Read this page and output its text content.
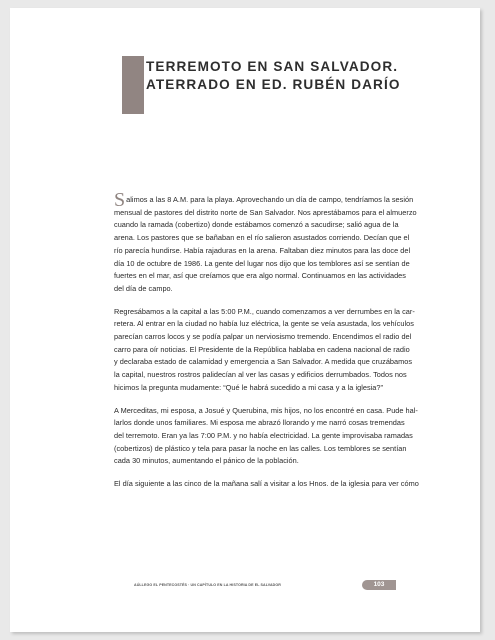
TERREMOTO EN SAN SALVADOR.
ATERRADO EN ED. RUBÉN DARÍO
Salimos a las 8 A.M. para la playa. Aprovechando un día de campo, tendríamos la sesión
mensual de pastores del distrito norte de San Salvador. Nos aprestábamos para el almuerzo
cuando la ramada (cobertizo) donde estábamos comenzó a sacudirse; salió agua de la
arena. Los pastores que se bañaban en el río salieron asustados corriendo. Decían que el
río parecía hundirse. Había rajaduras en la arena. Faltaban diez minutos para las doce del
día 10 de octubre de 1986. La gente del lugar nos dijo que los temblores así se sentían de
fuertes en el mar, así que creíamos que era algo normal. Continuamos en las actividades
del día de campo.
Regresábamos a la capital a las 5:00 P.M., cuando comenzamos a ver derrumbes en la car-
retera. Al entrar en la ciudad no había luz eléctrica, la gente se veía asustada, los vehículos
parecían carros locos y se podía palpar un nerviosismo tremendo. Encendimos el radio del
carro para oír noticias. El Presidente de la República hablaba en cadena nacional de radio
y declaraba estado de calamidad y emergencia a San Salvador. A medida que cruzábamos
la capital, nuestros rostros palidecían al ver las casas y edificios derrumbados. Todos nos
hicimos la pregunta mudamente: “Qué le habrá sucedido a mi casa y a la iglesia?”
A Merceditas, mi esposa, a Josué y Querubina, mis hijos, no los encontré en casa. Pude hal-
larlos donde unos familiares. Mi esposa me abrazó llorando y me narró cosas tremendas
del terremoto. Eran ya las 7:00 P.M. y no había electricidad. La gente improvisaba ramadas
(cobertizos) de plástico y tela para pasar la noche en las calles. Los temblores se sentían
cada 30 minutos, aumentando el pánico de la población.
El día siguiente a las cinco de la mañana salí a visitar a los Hnos. de la iglesia para ver cómo
AÚLLEGO EL PENTECOSTÉS · UN CAPÍTULO EN LA HISTORIA DE EL SALVADOR	103
